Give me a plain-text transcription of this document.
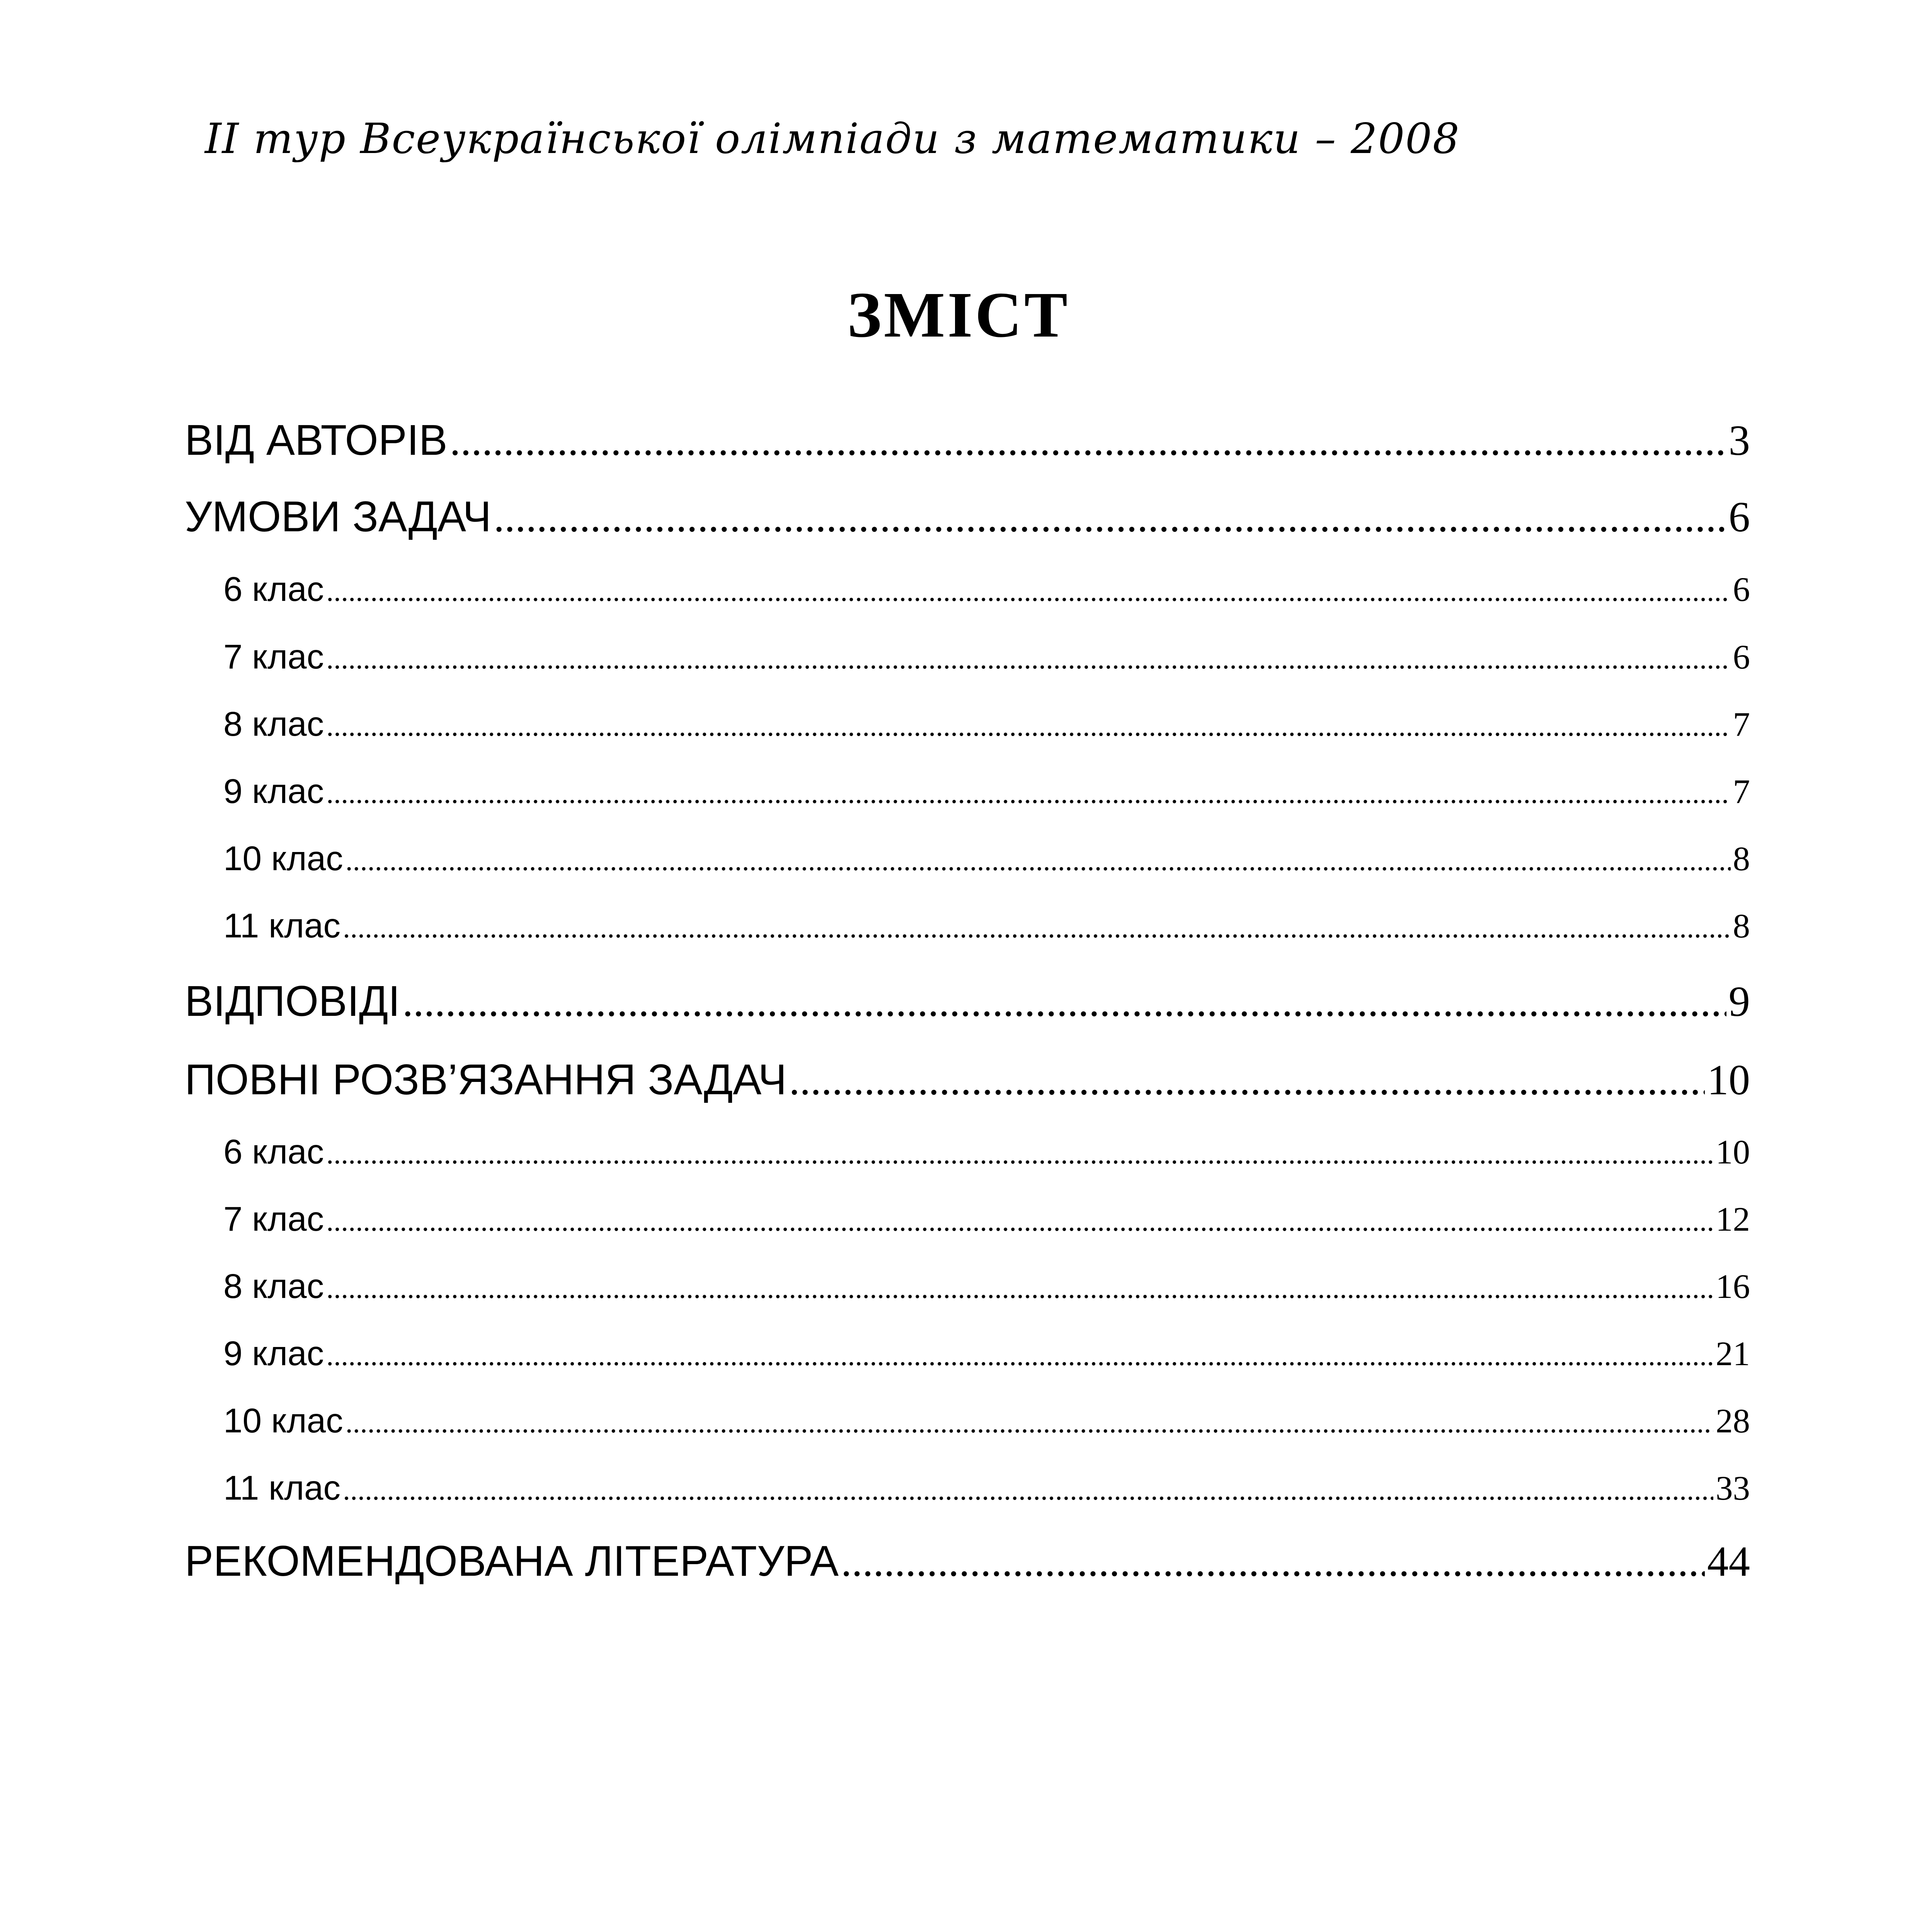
II тур Всеукраїнської олімпіади з математики – 2008
ЗМІСТ
ВІД АВТОРІВ .....	3
УМОВИ ЗАДАЧ .....	6
6 клас .....	6
7 клас .....	6
8 клас .....	7
9 клас .....	7
10 клас .....	8
11 клас .....	8
ВІДПОВІДІ .....	9
ПОВНІ РОЗВ’ЯЗАННЯ ЗАДАЧ .....	10
6 клас .....	10
7 клас .....	12
8 клас .....	16
9 клас .....	21
10 клас .....	28
11 клас .....	33
РЕКОМЕНДОВАНА ЛІТЕРАТУРА .....	44
